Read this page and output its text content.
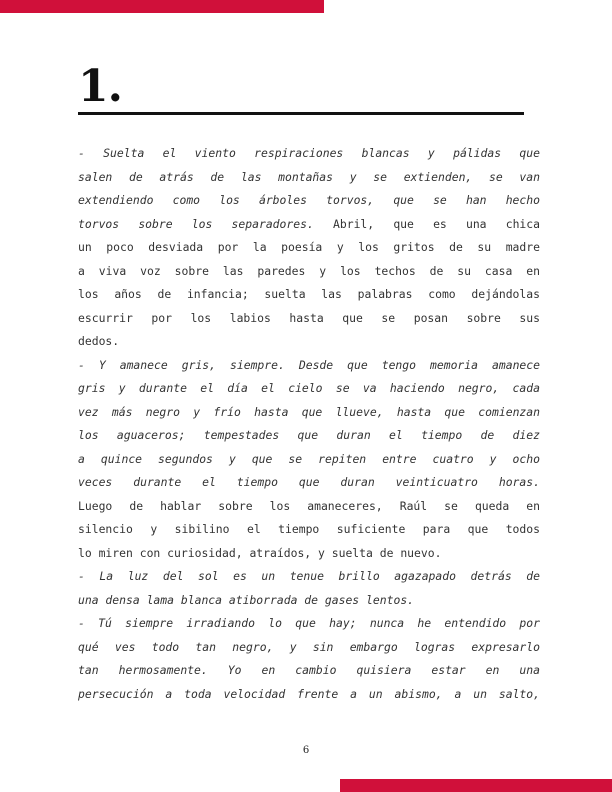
1.
- Suelta el viento respiraciones blancas y pálidas que
salen de atrás de las montañas y se extienden, se van
extendiendo como los árboles torvos, que se han hecho
torvos sobre los separadores. Abril, que es una chica
un poco desviada por la poesía y los gritos de su madre
a viva voz sobre las paredes y los techos de su casa en
los años de infancia; suelta las palabras como dejándolas
escurrir por los labios hasta que se posan sobre sus
dedos.
- Y amanece gris, siempre. Desde que tengo memoria amanece
gris y durante el día el cielo se va haciendo negro, cada
vez más negro y frío hasta que llueve, hasta que comienzan
los aguaceros; tempestades que duran el tiempo de diez
a quince segundos y que se repiten entre cuatro y ocho
veces durante el tiempo que duran veinticuatro horas.
Luego de hablar sobre los amaneceres, Raúl se queda en
silencio y sibilino el tiempo suficiente para que todos
lo miren con curiosidad, atraídos, y suelta de nuevo.
- La luz del sol es un tenue brillo agazapado detrás de
una densa lama blanca atiborrada de gases lentos.
- Tú siempre irradiando lo que hay; nunca he entendido por
qué ves todo tan negro, y sin embargo logras expresarlo
tan hermosamente. Yo en cambio quisiera estar en una
persecución a toda velocidad frente a un abismo, a un salto,
6
